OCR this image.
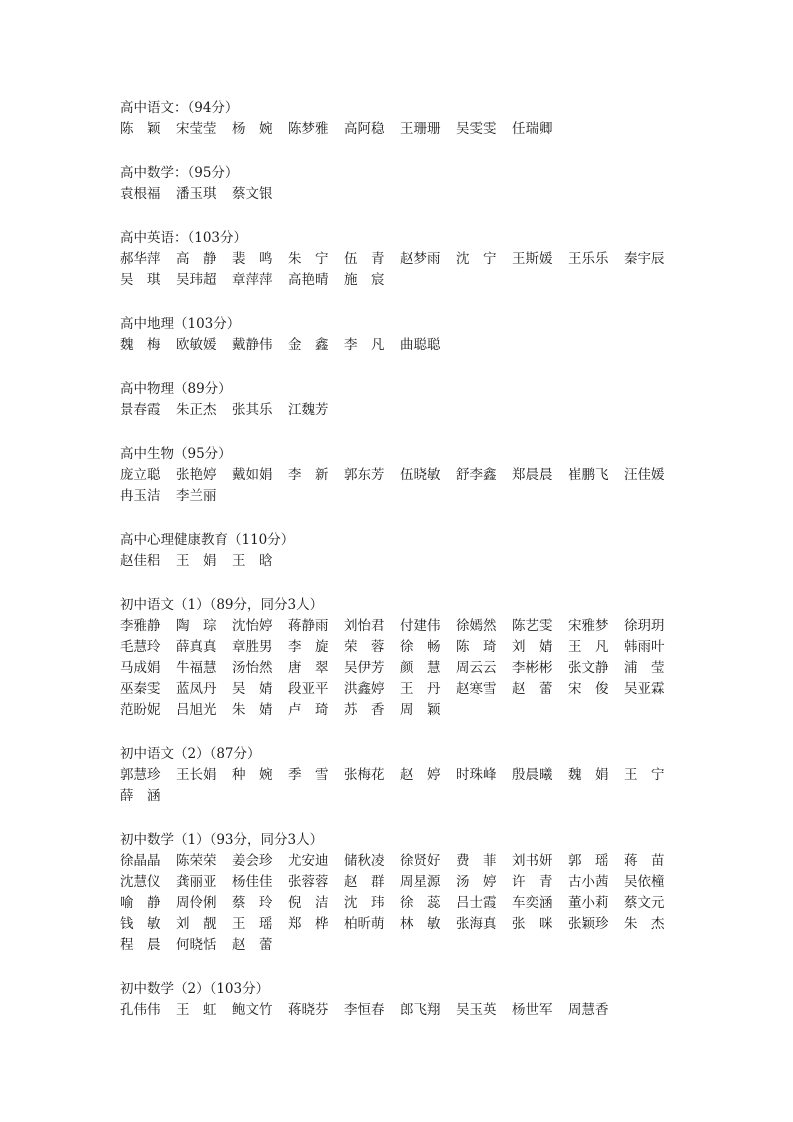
高中语文：（94分）
陈　颖	宋莹莹	杨　婉	陈梦雅	高阿稳	王珊珊	吴雯雯	任瑞卿
高中数学：（95分）
袁根福	潘玉琪	蔡文银
高中英语：（103分）
郝华萍	高　静	裴　鸣	朱　宁	伍　青	赵梦雨	沈　宁	王斯媛	王乐乐	秦宇辰
吴　琪	吴玮超	章萍萍	高艳晴	施　宸
高中地理（103分）
魏　梅	欧敏媛	戴静伟	金　鑫	李　凡	曲聪聪
高中物理（89分）
景春霞	朱正杰	张其乐	江魏芳
高中生物（95分）
庞立聪	张艳婷	戴如娟	李　新	郭东芳	伍晓敏	舒李鑫	郑晨晨	崔鹏飞	汪佳媛
冉玉洁	李兰丽
高中心理健康教育（110分）
赵佳稆	王　娟	王　晗
初中语文（1）（89分，同分3人）
李雅静	陶　琮	沈怡婷	蒋静雨	刘怡君	付建伟	徐嫣然	陈艺雯	宋雅梦	徐玥玥
毛慧玲	薛真真	章胜男	李　旋	荣　蓉	徐　畅	陈　琦	刘　婧	王　凡	韩雨叶
马成娟	牛福慧	汤怡然	唐　翠	吴伊芳	颜　慧	周云云	李彬彬	张文静	浦　莹
巫秦雯	蓝凤丹	吴　婧	段亚平	洪鑫婷	王　丹	赵寒雪	赵　蕾	宋　俊	吴亚霖
范盼妮	吕旭光	朱　婧	卢　琦	苏　香	周　颖
初中语文（2）（87分）
郭慧珍	王长娟	种　婉	季　雪	张梅花	赵　婷	时珠峰	殷晨曦	魏　娟	王　宁
薛　涵
初中数学（1）（93分，同分3人）
徐晶晶	陈荣荣	姜会珍	尤安迪	储秋凌	徐贤好	费　菲	刘书妍	郭　瑶	蒋　苗
沈慧仪	龚丽亚	杨佳佳	张蓉蓉	赵　群	周星源	汤　婷	许　青	古小茜	吴依橦
喻　静	周伶俐	蔡　玲	倪　洁	沈　玮	徐　蕊	吕士霞	车奕涵	董小莉	蔡文元
钱　敏	刘　靓	王　瑶	郑　桦	柏昕萌	林　敏	张海真	张　咪	张颖珍	朱　杰
程　晨	何晓恬	赵　蕾
初中数学（2）（103分）
孔伟伟	王　虹	鲍文竹	蒋晓芬	李恒春	郎飞翔	吴玉英	杨世军	周慧香
